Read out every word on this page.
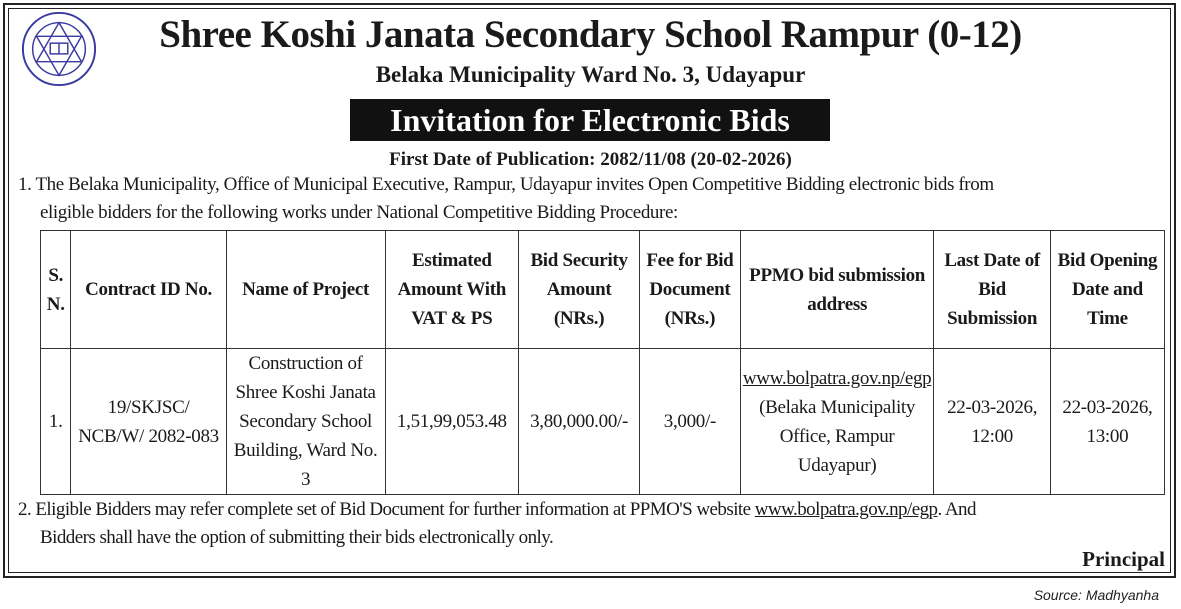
Shree Koshi Janata Secondary School Rampur (0-12)
Belaka Municipality Ward No. 3, Udayapur
Invitation for Electronic Bids
First Date of Publication: 2082/11/08 (20-02-2026)
1. The Belaka Municipality, Office of Municipal Executive, Rampur, Udayapur invites Open Competitive Bidding electronic bids from
eligible bidders for the following works under National Competitive Bidding Procedure:
S. N.	Contract ID No.	Name of Project	Estimated Amount With VAT & PS	Bid Security Amount (NRs.)	Fee for Bid Document (NRs.)	PPMO bid submission address	Last Date of Bid Submission	Bid Opening Date and Time
1.	19/SKJSC/ NCB/W/ 2082-083	Construction of Shree Koshi Janata Secondary School Building, Ward No. 3	1,51,99,053.48	3,80,000.00/-	3,000/-	www.bolpatra.gov.np/egp (Belaka Municipality Office, Rampur Udayapur)	22-03-2026, 12:00	22-03-2026, 13:00
2. Eligible Bidders may refer complete set of Bid Document for further information at PPMO'S website www.bolpatra.gov.np/egp. And
Bidders shall have the option of submitting their bids electronically only.
Principal
Source: Madhyanha
